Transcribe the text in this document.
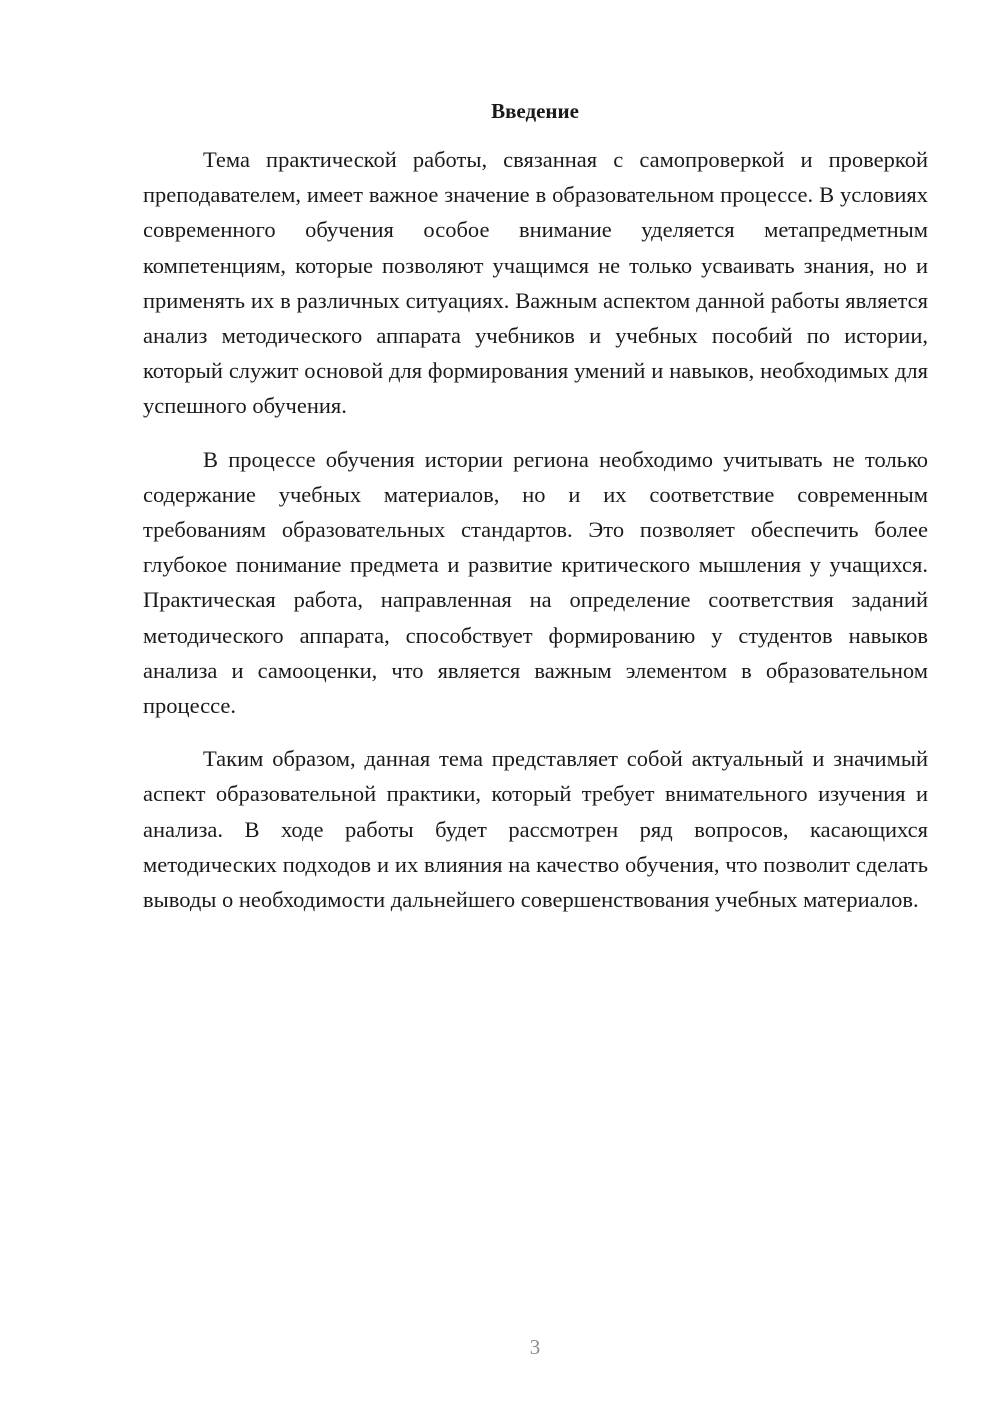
Введение

Тема практической работы, связанная с самопроверкой и проверкой преподавателем, имеет важное значение в образовательном процессе. В условиях современного обучения особое внимание уделяется метапредметным компетенциям, которые позволяют учащимся не только усваивать знания, но и применять их в различных ситуациях. Важным аспектом данной работы является анализ методического аппарата учебников и учебных пособий по истории, который служит основой для формирования умений и навыков, необходимых для успешного обучения.

В процессе обучения истории региона необходимо учитывать не только содержание учебных материалов, но и их соответствие современным требованиям образовательных стандартов. Это позволяет обеспечить более глубокое понимание предмета и развитие критического мышления у учащихся. Практическая работа, направленная на определение соответствия заданий методического аппарата, способствует формированию у студентов навыков анализа и самооценки, что является важным элементом в образовательном процессе.

Таким образом, данная тема представляет собой актуальный и значимый аспект образовательной практики, который требует внимательного изучения и анализа. В ходе работы будет рассмотрен ряд вопросов, касающихся методических подходов и их влияния на качество обучения, что позволит сделать выводы о необходимости дальнейшего совершенствования учебных материалов.

3
